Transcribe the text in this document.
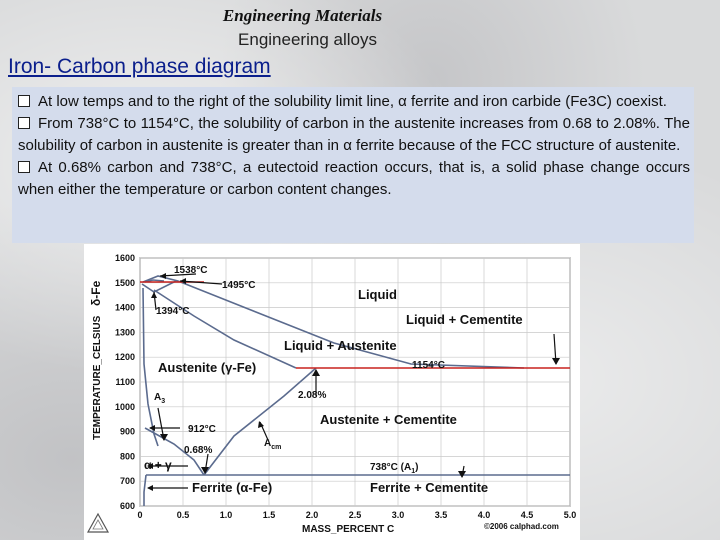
Engineering Materials
Engineering alloys
Iron- Carbon phase diagram

At low temps and to the right of the solubility limit line, α ferrite and iron carbide (Fe3C) coexist.

From 738°C to 1154°C, the solubility of carbon in the austenite increases from 0.68 to 2.08%. The solubility of carbon in austenite is greater than in α ferrite because of the FCC structure of austenite.

At 0.68% carbon and 738°C, a eutectoid reaction occurs, that is, a solid phase change occurs when either the temperature or carbon content changes.

600
700
800
900
1000
1100
1200
1300
1400
1500
1600
0	0.5	1.0	1.5	2.0	2.5	3.0	3.5	4.0	4.5	5.0
TEMPERATURE_CELSIUS
δ-Fe
MASS_PERCENT C	©2006 calphad.com
1538°C
1495°C
1394°C
Liquid
Liquid + Cementite
Liquid + Austenite
1154°C
Austenite (γ-Fe)
$A_3$
2.08%
Austenite + Cementite
912°C
$A_{cm}$
0.68%
α + γ	738°C $(A_1)$
Ferrite (α-Fe)	Ferrite + Cementite
